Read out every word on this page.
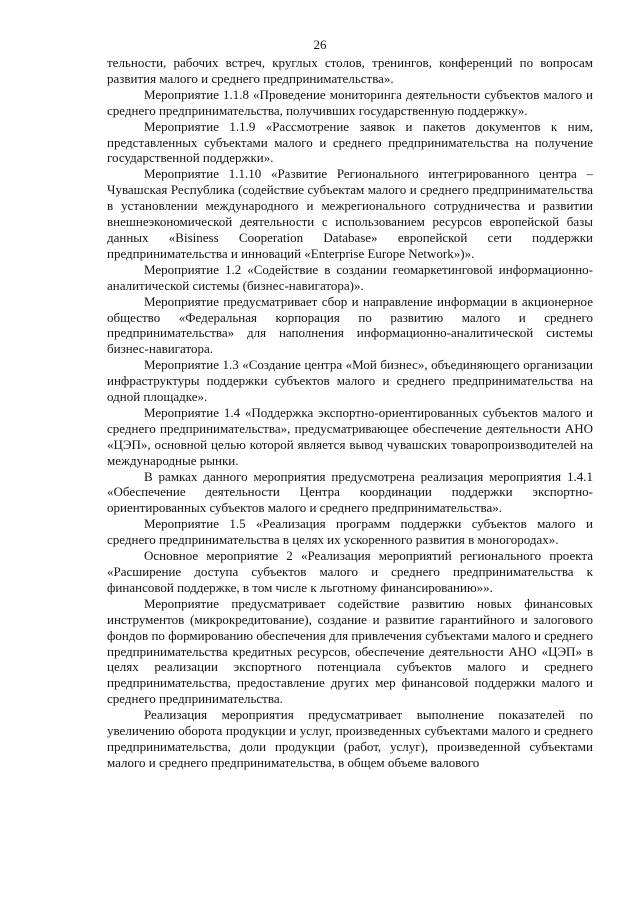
26

тельности, рабочих встреч, круглых столов, тренингов, конференций по вопросам развития малого и среднего предпринимательства».

Мероприятие 1.1.8 «Проведение мониторинга деятельности субъектов малого и среднего предпринимательства, получивших государственную поддержку».

Мероприятие 1.1.9 «Рассмотрение заявок и пакетов документов к ним, представленных субъектами малого и среднего предпринимательства на получение государственной поддержки».

Мероприятие 1.1.10 «Развитие Регионального интегрированного центра – Чувашская Республика (содействие субъектам малого и среднего предпринимательства в установлении международного и межрегионального сотрудничества и развитии внешнеэкономической деятельности с использованием ресурсов европейской базы данных «Bisiness Cooperation Database» европейской сети поддержки предпринимательства и инноваций «Enterprise Europe Network»)».

Мероприятие 1.2 «Содействие в создании геомаркетинговой информационно-аналитической системы (бизнес-навигатора)».

Мероприятие предусматривает сбор и направление информации в акционерное общество «Федеральная корпорация по развитию малого и среднего предпринимательства» для наполнения информационно-аналитической системы бизнес-навигатора.

Мероприятие 1.3 «Создание центра «Мой бизнес», объединяющего организации инфраструктуры поддержки субъектов малого и среднего предпринимательства на одной площадке».

Мероприятие 1.4 «Поддержка экспортно-ориентированных субъектов малого и среднего предпринимательства», предусматривающее обеспечение деятельности АНО «ЦЭП», основной целью которой является вывод чувашских товаропроизводителей на международные рынки.

В рамках данного мероприятия предусмотрена реализация мероприятия 1.4.1 «Обеспечение деятельности Центра координации поддержки экспортно-ориентированных субъектов малого и среднего предпринимательства».

Мероприятие 1.5 «Реализация программ поддержки субъектов малого и среднего предпринимательства в целях их ускоренного развития в моногородах».

Основное мероприятие 2 «Реализация мероприятий регионального проекта «Расширение доступа субъектов малого и среднего предпринимательства к финансовой поддержке, в том числе к льготному финансированию»».

Мероприятие предусматривает содействие развитию новых финансовых инструментов (микрокредитование), создание и развитие гарантийного и залогового фондов по формированию обеспечения для привлечения субъектами малого и среднего предпринимательства кредитных ресурсов, обеспечение деятельности АНО «ЦЭП» в целях реализации экспортного потенциала субъектов малого и среднего предпринимательства, предоставление других мер финансовой поддержки малого и среднего предпринимательства.

Реализация мероприятия предусматривает выполнение показателей по увеличению оборота продукции и услуг, произведенных субъектами малого и среднего предпринимательства, доли продукции (работ, услуг), произведенной субъектами малого и среднего предпринимательства, в общем объеме валового
